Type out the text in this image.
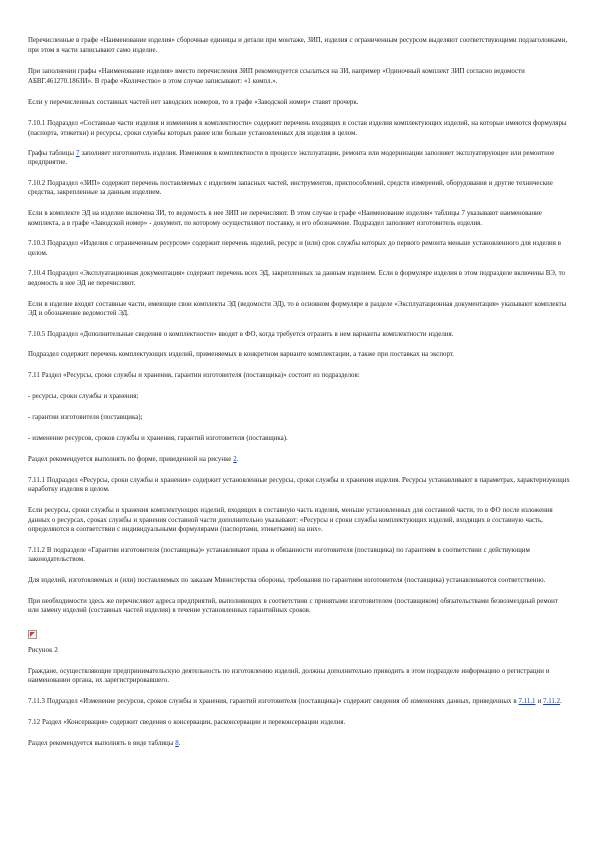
Перечисленные в графе «Наименование изделия» сборочные единицы и детали при монтаже, ЗИП, изделия с ограниченным ресурсом выделяют соответствующими подзаголовками, при этом в части записывают само изделие.

При заполнении графы «Наименование изделия» вместо перечисления ЗИП рекомендуется ссылаться на ЗИ, например «Одиночный комплект ЗИП согласно ведомости АБВГ.461270.186ЗИ». В графе «Количество» в этом случае записывают: «1 компл.».

Если у перечисленных составных частей нет заводских номеров, то в графе «Заводской номер» ставят прочерк.

7.10.1 Подраздел «Составные части изделия и изменения в комплектности» содержит перечень входящих в состав изделия комплектующих изделий, на которые имеются формуляры (паспорта, этикетки) и ресурсы, сроки службы которых ранее или больше установленных для изделия в целом.

Графы таблицы 7 заполняет изготовитель изделия. Изменения в комплектности в процессе эксплуатации, ремонта или модернизации заполняет эксплуатирующее или ремонтное предприятие.

7.10.2 Подраздел «ЗИП» содержит перечень поставляемых с изделием запасных частей, инструментов, приспособлений, средств измерений, оборудования и другие технические средства, закрепленные за данным изделием.

Если в комплекте ЭД на изделие включена ЗИ, то ведомость в нее ЗИП не перечисляют. В этом случае в графе «Наименование изделия» таблицы 7 указывают наименование комплекта, а в графе «Заводской номер» - документ, по которому осуществляют поставку, и его обозначение. Подраздел заполняет изготовитель изделия.

7.10.3 Подраздел «Изделия с ограниченным ресурсом» содержит перечень изделий, ресурс и (или) срок службы которых до первого ремонта меньше установленного для изделия в целом.

7.10.4 Подраздел «Эксплуатационная документация» содержит перечень всех ЭД, закрепленных за данным изделием. Если в формуляре изделия в этом подразделе включены ВЭ, то ведомость в нее ЭД не перечисляют.

Если в изделие входят составные части, имеющие свои комплекты ЭД (ведомости ЭД), то в основном формуляре в разделе «Эксплуатационная документация» указывают комплекты ЭД и обозначение ведомостей ЭД.

7.10.5 Подраздел «Дополнительные сведения о комплектности» вводят в ФО, когда требуется отразить в нем варианты комплектности изделия.

Подраздел содержит перечень комплектующих изделий, применяемых в конкретном варианте комплектации, а также при поставках на экспорт.

7.11 Раздел «Ресурсы, сроки службы и хранения, гарантии изготовителя (поставщика)» состоит из подразделов:

- ресурсы, сроки службы и хранения;

- гарантии изготовителя (поставщика);

- изменение ресурсов, сроков службы и хранения, гарантий изготовителя (поставщика).

Раздел рекомендуется выполнять по форме, приведенной на рисунке 2.

7.11.1 Подраздел «Ресурсы, сроки службы и хранения» содержит установленные ресурсы, сроки службы и хранения изделия. Ресурсы устанавливают в параметрах, характеризующих наработку изделия в целом.

Если ресурсы, сроки службы и хранения комплектующих изделий, входящих в составную часть изделия, меньше установленных для составной части, то в ФО после изложения данных о ресурсах, сроках службы и хранения составной части дополнительно указывают: «Ресурсы и сроки службы комплектующих изделий, входящих в составную часть, определяются в соответствии с индивидуальными формулярами (паспортами, этикетками) на них».

7.11.2 В подразделе «Гарантии изготовителя (поставщика)» устанавливают права и обязанности изготовителя (поставщика) по гарантиям в соответствии с действующим законодательством.

Для изделий, изготовляемых и (или) поставляемых по заказам Министерства обороны, требования по гарантиям изготовителя (поставщика) устанавливаются соответственно.

При необходимости здесь же перечисляют адреса предприятий, выполняющих в соответствии с принятыми изготовителем (поставщиком) обязательствами безвозмездный ремонт или замену изделий (составных частей изделия) в течение установленных гарантийных сроков.

Рисунок 2

Граждане, осуществляющие предпринимательскую деятельность по изготовлению изделий, должны дополнительно приводить в этом подразделе информацию о регистрации и наименовании органа, их зарегистрировавшего.

7.11.3 Подраздел «Изменение ресурсов, сроков службы и хранения, гарантий изготовителя (поставщика)» содержит сведения об изменениях данных, приведенных в 7.11.1 и 7.11.2.

7.12 Раздел «Консервация» содержит сведения о консервации, расконсервации и переконсервации изделия.

Раздел рекомендуется выполнять в виде таблицы 8.
